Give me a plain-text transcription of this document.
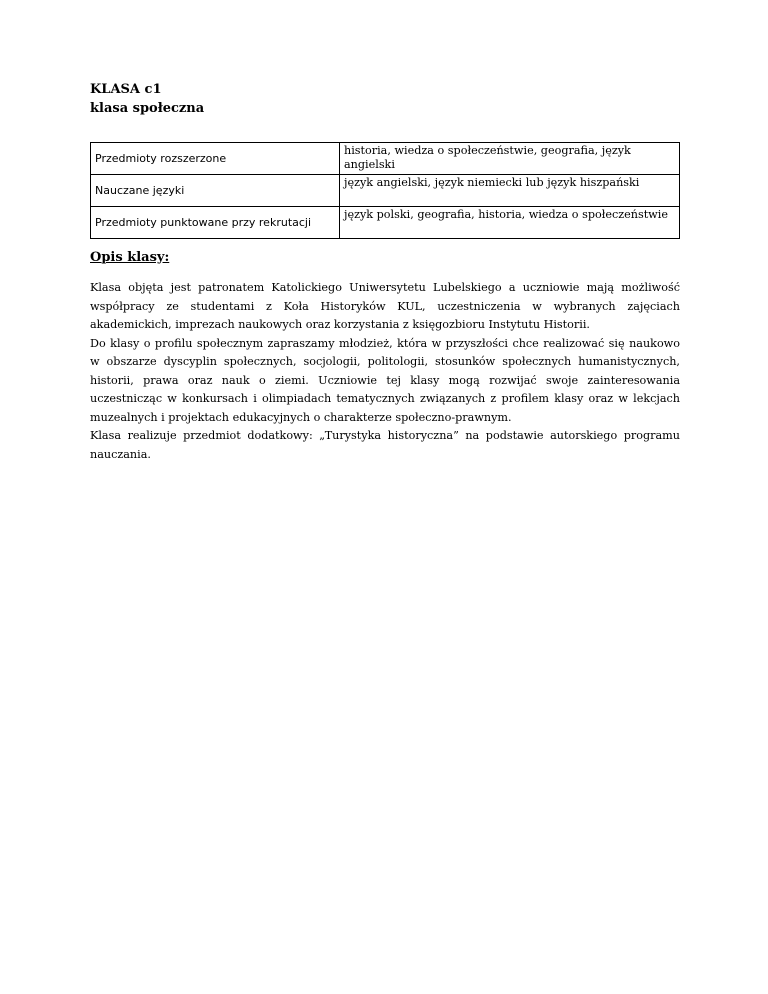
KLASA c1

klasa społeczna

Przedmioty rozszerzone	historia, wiedza o społeczeństwie, geografia, język angielski
Nauczane języki	język angielski, język niemiecki lub język hiszpański
Przedmioty punktowane przy rekrutacji	język polski, geografia, historia, wiedza o społeczeństwie
Opis klasy:

Klasa objęta jest patronatem Katolickiego Uniwersytetu Lubelskiego a uczniowie mają możliwość współpracy ze studentami z Koła Historyków KUL, uczestniczenia w wybranych zajęciach akademickich, imprezach naukowych oraz korzystania z księgozbioru Instytutu Historii.

Do klasy o profilu społecznym zapraszamy młodzież, która w przyszłości chce realizować się naukowo w obszarze dyscyplin społecznych, socjologii, politologii, stosunków społecznych humanistycznych, historii, prawa oraz nauk o ziemi. Uczniowie tej klasy mogą rozwijać swoje zainteresowania uczestnicząc w konkursach i olimpiadach tematycznych związanych z profilem klasy oraz w lekcjach muzealnych i projektach edukacyjnych o charakterze społeczno-prawnym.

Klasa realizuje przedmiot dodatkowy: „Turystyka historyczna” na podstawie autorskiego programu nauczania.
